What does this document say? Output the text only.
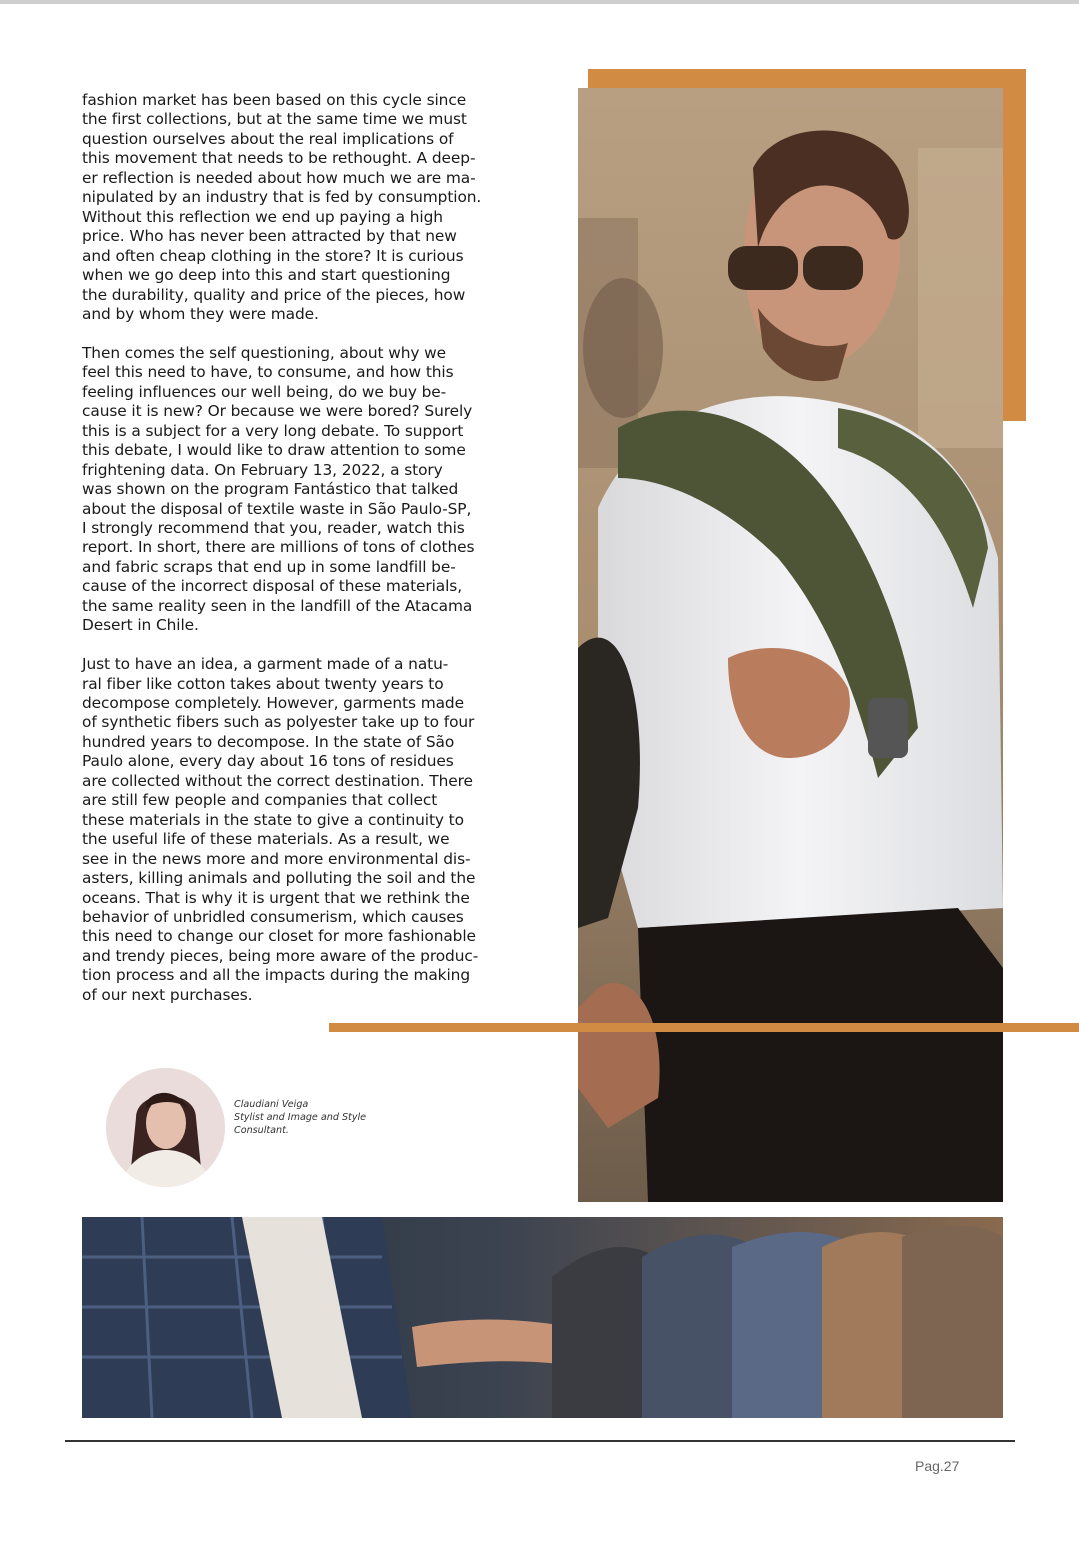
fashion market has been based on this cycle since
the first collections, but at the same time we must
question ourselves about the real implications of
this movement that needs to be rethought. A deep-
er reflection is needed about how much we are ma-
nipulated by an industry that is fed by consumption.
Without this reflection we end up paying a high
price. Who has never been attracted by that new
and often cheap clothing in the store? It is curious
when we go deep into this and start questioning
the durability, quality and price of the pieces, how
and by whom they were made.

Then comes the self questioning, about why we
feel this need to have, to consume, and how this
feeling influences our well being, do we buy be-
cause it is new? Or because we were bored? Surely
this is a subject for a very long debate. To support
this debate, I would like to draw attention to some
frightening data. On February 13, 2022, a story
was shown on the program Fantástico that talked
about the disposal of textile waste in São Paulo-SP,
I strongly recommend that you, reader, watch this
report. In short, there are millions of tons of clothes
and fabric scraps that end up in some landfill be-
cause of the incorrect disposal of these materials,
the same reality seen in the landfill of the Atacama
Desert in Chile.

Just to have an idea, a garment made of a natu-
ral fiber like cotton takes about twenty years to
decompose completely. However, garments made
of synthetic fibers such as polyester take up to four
hundred years to decompose. In the state of São
Paulo alone, every day about 16 tons of residues
are collected without the correct destination. There
are still few people and companies that collect
these materials in the state to give a continuity to
the useful life of these materials. As a result, we
see in the news more and more environmental dis-
asters, killing animals and polluting the soil and the
oceans. That is why it is urgent that we rethink the
behavior of unbridled consumerism, which causes
this need to change our closet for more fashionable
and trendy pieces, being more aware of the produc-
tion process and all the impacts during the making
of our next purchases.

Claudiani Veiga
Stylist and Image and Style
Consultant.
Pag.27
